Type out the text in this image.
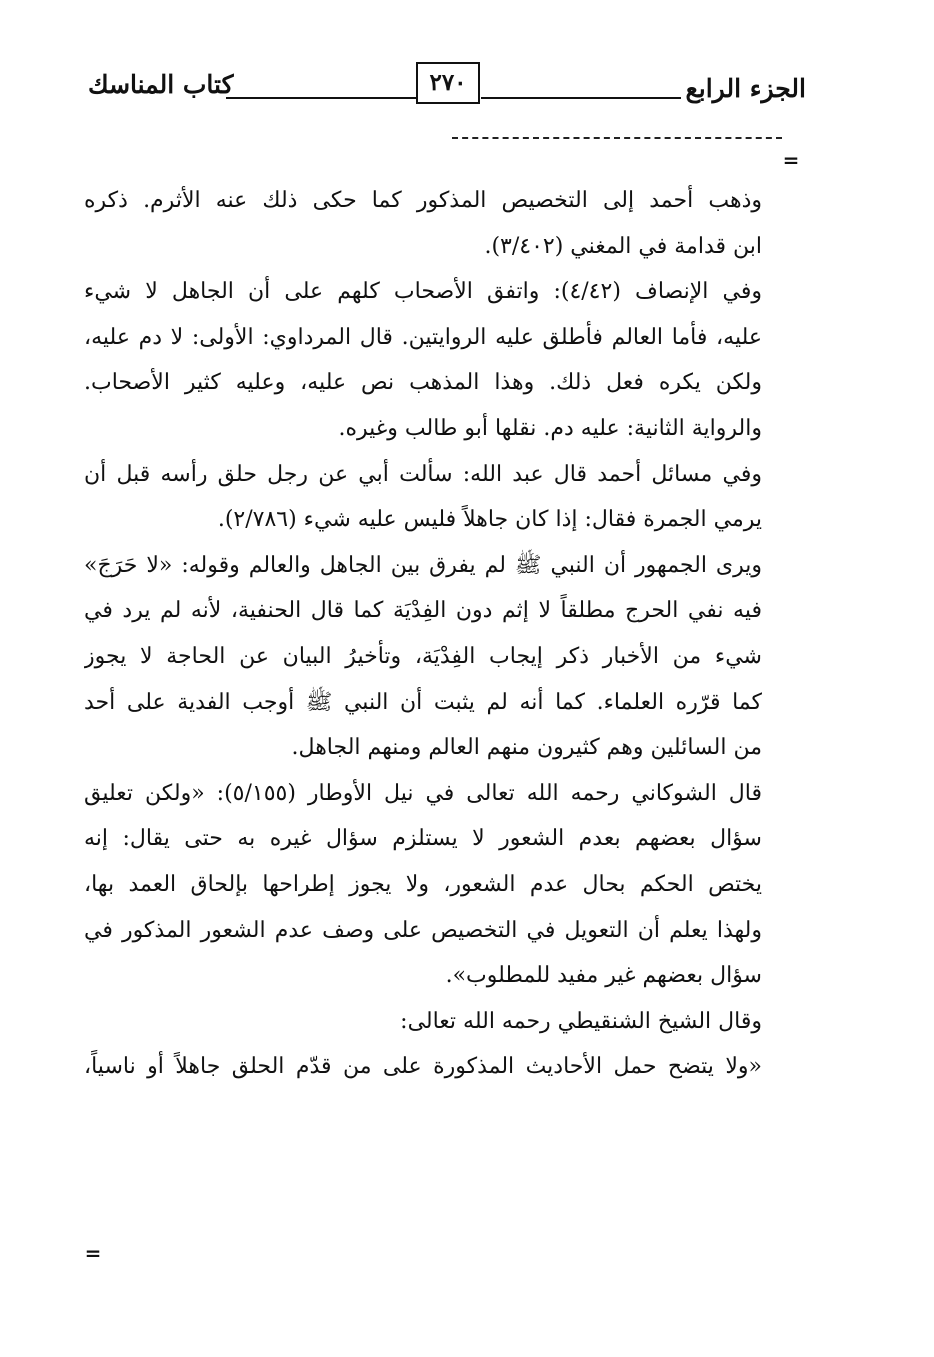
الجزء الرابع
٢٧٠
كتاب المناسك
=
وذهب أحمد إلى التخصيص المذكور كما حكى ذلك عنه الأثرم. ذكره
ابن قدامة في المغني (٣/٤٠٢).
وفي الإنصاف (٤/٤٢): واتفق الأصحاب كلهم على أن الجاهل لا شيء
عليه، فأما العالم فأطلق عليه الروايتين. قال المرداوي: الأولى: لا دم عليه،
ولكن يكره فعل ذلك. وهذا المذهب نص عليه، وعليه كثير الأصحاب.
والرواية الثانية: عليه دم. نقلها أبو طالب وغيره.
وفي مسائل أحمد قال عبد الله: سألت أبي عن رجل حلق رأسه قبل أن
يرمي الجمرة فقال: إذا كان جاهلاً فليس عليه شيء (٢/٧٨٦).
ويرى الجمهور أن النبي ﷺ لم يفرق بين الجاهل والعالم وقوله: «لا حَرَجَ»
فيه نفي الحرج مطلقاً لا إثم دون الفِدْيَة كما قال الحنفية، لأنه لم يرد في
شيء من الأخبار ذكر إيجاب الفِدْيَة، وتأخيرُ البيان عن الحاجة لا يجوز
كما قرّره العلماء. كما أنه لم يثبت أن النبي ﷺ أوجب الفدية على أحد
من السائلين وهم كثيرون منهم العالم ومنهم الجاهل.
قال الشوكاني رحمه الله تعالى في نيل الأوطار (٥/١٥٥): «ولكن تعليق
سؤال بعضهم بعدم الشعور لا يستلزم سؤال غيره به حتى يقال: إنه
يختص الحكم بحال عدم الشعور، ولا يجوز إطراحها بإلحاق العمد بها،
ولهذا يعلم أن التعويل في التخصيص على وصف عدم الشعور المذكور في
سؤال بعضهم غير مفيد للمطلوب».
وقال الشيخ الشنقيطي رحمه الله تعالى:
«ولا يتضح حمل الأحاديث المذكورة على من قدّم الحلق جاهلاً أو ناسياً،
=
